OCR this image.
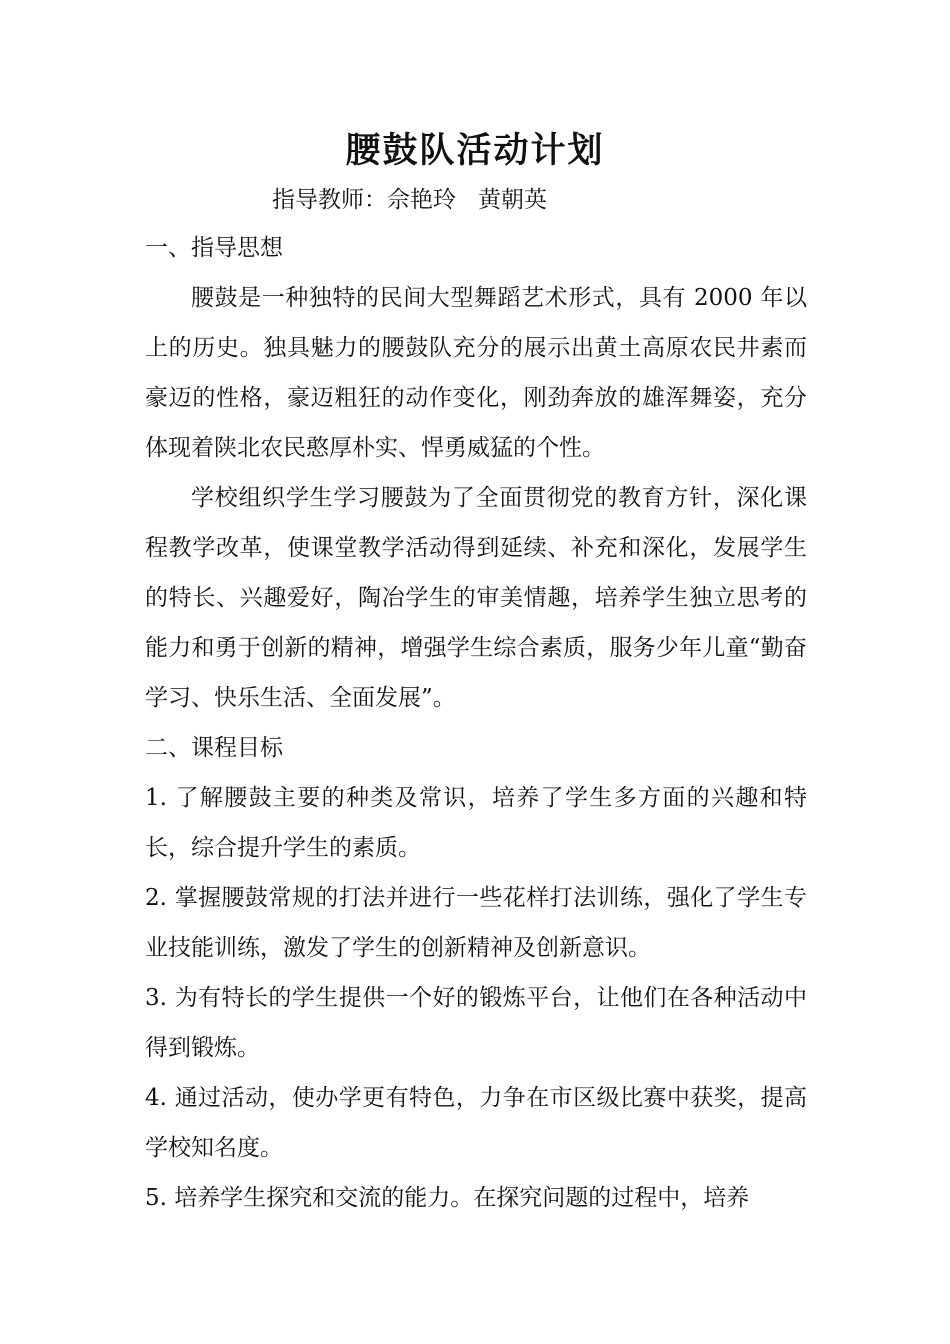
腰鼓队活动计划
指导教师：佘艳玲 黄朝英

一、指导思想

腰鼓是一种独特的民间大型舞蹈艺术形式，具有 2000 年以上的历史。独具魅力的腰鼓队充分的展示出黄土高原农民井素而豪迈的性格，豪迈粗狂的动作变化，刚劲奔放的雄浑舞姿，充分体现着陕北农民憨厚朴实、悍勇威猛的个性。

学校组织学生学习腰鼓为了全面贯彻党的教育方针，深化课程教学改革，使课堂教学活动得到延续、补充和深化，发展学生的特长、兴趣爱好，陶冶学生的审美情趣，培养学生独立思考的能力和勇于创新的精神，增强学生综合素质，服务少年儿童“勤奋学习、快乐生活、全面发展”。

二、课程目标

1. 了解腰鼓主要的种类及常识，培养了学生多方面的兴趣和特长，综合提升学生的素质。

2. 掌握腰鼓常规的打法并进行一些花样打法训练，强化了学生专业技能训练，激发了学生的创新精神及创新意识。

3. 为有特长的学生提供一个好的锻炼平台，让他们在各种活动中得到锻炼。

4. 通过活动，使办学更有特色，力争在市区级比赛中获奖，提高学校知名度。

5. 培养学生探究和交流的能力。在探究问题的过程中，培养
